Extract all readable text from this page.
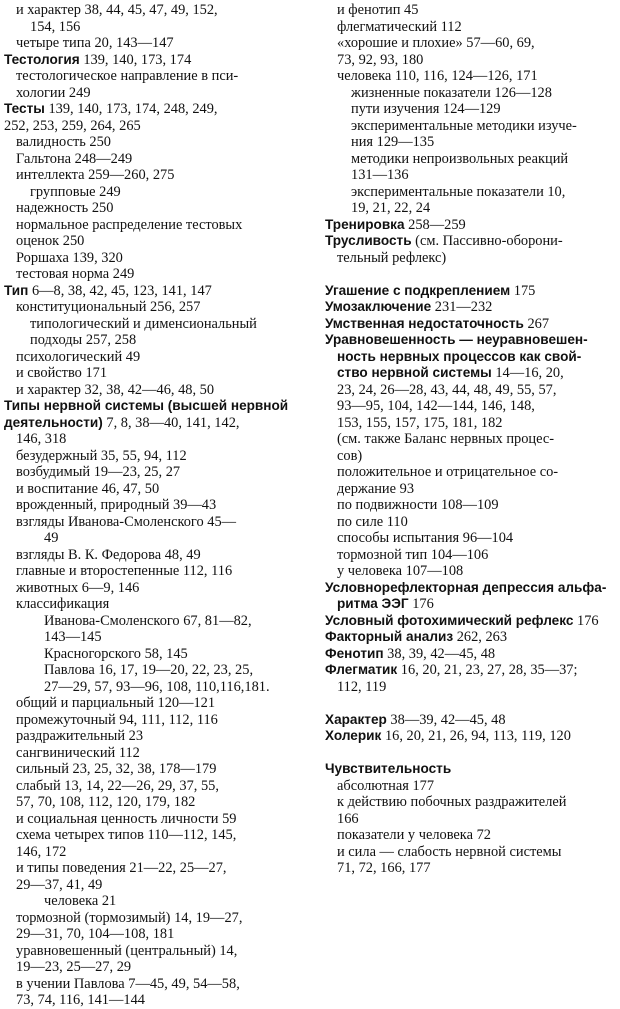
и характер 38, 44, 45, 47, 49, 152,
154, 156
четыре типа 20, 143—147
Тестология 139, 140, 173, 174
тестологическое направление в пси-
хологии 249
Тесты 139, 140, 173, 174, 248, 249,
252, 253, 259, 264, 265
валидность 250
Гальтона 248—249
интеллекта 259—260, 275
групповые 249
надежность 250
нормальное распределение тестовых
оценок 250
Роршаха 139, 320
тестовая норма 249
Тип 6—8, 38, 42, 45, 123, 141, 147
конституциональный 256, 257
типологический и дименсиональный
подходы 257, 258
психологический 49
и свойство 171
и характер 32, 38, 42—46, 48, 50
Типы нервной системы (высшей нервной
деятельности) 7, 8, 38—40, 141, 142,
146, 318
безудержный 35, 55, 94, 112
возбудимый 19—23, 25, 27
и воспитание 46, 47, 50
врожденный, природный 39—43
взгляды Иванова-Смоленского 45—
49
взгляды В. К. Федорова 48, 49
главные и второстепенные 112, 116
животных 6—9, 146
классификация
Иванова-Смоленского 67, 81—82,
143—145
Красногорского 58, 145
Павлова 16, 17, 19—20, 22, 23, 25,
27—29, 57, 93—96, 108, 110,116,181.
общий и парциальный 120—121
промежуточный 94, 111, 112, 116
раздражительный 23
сангвинический 112
сильный 23, 25, 32, 38, 178—179
слабый 13, 14, 22—26, 29, 37, 55,
57, 70, 108, 112, 120, 179, 182
и социальная ценность личности 59
схема четырех типов 110—112, 145,
146, 172
и типы поведения 21—22, 25—27,
29—37, 41, 49
человека 21
тормозной (тормозимый) 14, 19—27,
29—31, 70, 104—108, 181
уравновешенный (центральный) 14,
19—23, 25—27, 29
в учении Павлова 7—45, 49, 54—58,
73, 74, 116, 141—144
и фенотип 45
флегматический 112
«хорошие и плохие» 57—60, 69,
73, 92, 93, 180
человека 110, 116, 124—126, 171
жизненные показатели 126—128
пути изучения 124—129
экспериментальные методики изуче-
ния 129—135
методики непроизвольных реакций
131—136
экспериментальные показатели 10,
19, 21, 22, 24
Тренировка 258—259
Трусливость (см. Пассивно-оборони-
тельный рефлекс)
Угашение с подкреплением 175
Умозаключение 231—232
Умственная недостаточность 267
Уравновешенность — неуравновешен-
ность нервных процессов как свой-
ство нервной системы 14—16, 20,
23, 24, 26—28, 43, 44, 48, 49, 55, 57,
93—95, 104, 142—144, 146, 148,
153, 155, 157, 175, 181, 182
(см. также Баланс нервных процес-
сов)
положительное и отрицательное со-
держание 93
по подвижности 108—109
по силе 110
способы испытания 96—104
тормозной тип 104—106
у человека 107—108
Условнорефлекторная депрессия альфа-
ритма ЭЭГ 176
Условный фотохимический рефлекс 176
Факторный анализ 262, 263
Фенотип 38, 39, 42—45, 48
Флегматик 16, 20, 21, 23, 27, 28, 35—37;
112, 119
Характер 38—39, 42—45, 48
Холерик 16, 20, 21, 26, 94, 113, 119, 120
Чувствительность
абсолютная 177
к действию побочных раздражителей
166
показатели у человека 72
и сила — слабость нервной системы
71, 72, 166, 177
